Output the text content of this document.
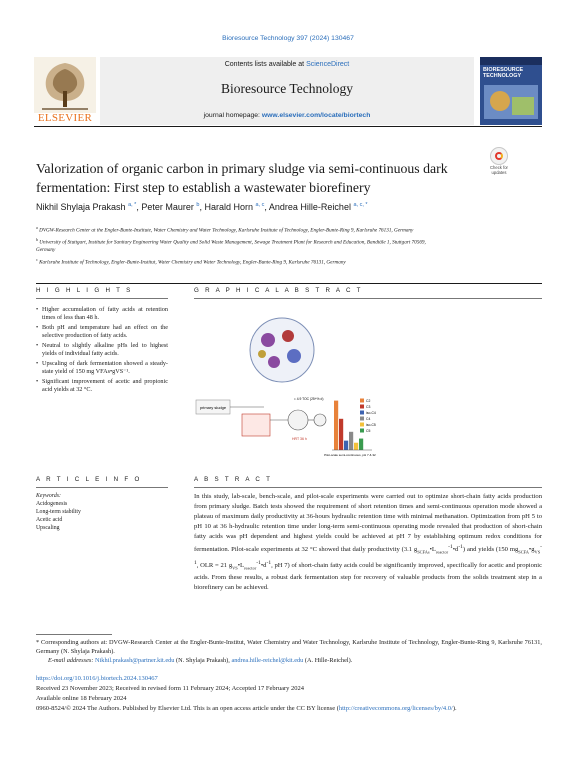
Bioresource Technology 397 (2024) 130467
ELSEVIER
Contents lists available at ScienceDirect
Bioresource Technology
journal homepage: www.elsevier.com/locate/biortech
BIORESOURCE TECHNOLOGY
Valorization of organic carbon in primary sludge via semi-continuous dark fermentation: First step to establish a wastewater biorefinery
Check for updates
Nikhil Shylaja Prakash $^{a, *}$, Peter Maurer $^b$, Harald Horn $^{a, c}$, Andrea Hille-Reichel $^{a, c, *}$
$^a$ DVGW-Research Center at the Engler-Bunte-Institute, Water Chemistry and Water Technology, Karlsruhe Institute of Technology, Engler-Bunte-Ring 9, Karlsruhe 76131, Germany
$^b$ University of Stuttgart, Institute for Sanitary Engineering Water Quality and Solid Waste Management, Sewage Treatment Plant for Research and Education, Bandtäle 1, Stuttgart 70569, Germany
$^c$ Karlsruhe Institute of Technology, Engler-Bunte-Institut, Water Chemistry and Water Technology, Engler-Bunte-Ring 9, Karlsruhe 76131, Germany
H I G H L I G H T S	G R A P H I C A L A B S T R A C T
• Higher accumulation of fatty acids at retention times of less than 48 h.
• Both pH and temperature had an effect on the selective production of fatty acids.
• Neutral to slightly alkaline pHs led to highest yields of individual fatty acids.
• Upscaling of dark fermentation showed a steady-state yield of 150 mg VFAs•gVS⁻¹.
• Significant improvement of acetic and propionic acid yields at 32 °C.
primary sludge
HRT 36 h
≈ 4.9 TOC (25+% d)	C2
C3
iso-C4
C4
iso-C5
C5
Pilot-scale semi-continuous, pH 7 & 32 °C
A R T I C L E I N F O	A B S T R A C T
Keywords:
Acidogenesis
Long-term stability
Acetic acid
Upscaling
In this study, lab-scale, bench-scale, and pilot-scale experiments were carried out to optimize short-chain fatty acids production from primary sludge. Batch tests showed the requirement of short retention times and semi-continuous operation mode showed a plateau of maximum daily productivity at 36-hours hydraulic retention time with minimal methanation. Optimization from pH 5 to pH 10 at 36 h-hydraulic retention time under long-term semi-continuous operating mode revealed that production of short-chain fatty acids was pH dependent and highest yields could be achieved at pH 7 by establishing optimum redox conditions for fermentation. Pilot-scale experiments at 32 °C showed that daily productivity (3.1 $g_{SCFAs}•L_{reactor}^{-1}•d^{-1}$) and yields (150 $mg_{SCFA}•g_{VS}^{-1}$, OLR = 21 $g_{VS}•L_{reactor}^{-1}•d^{-1}$, pH 7) of short-chain fatty acids could be significantly improved, specifically for acetic and propionic acids. From these results, a robust dark fermentation step for recovery of valuable products from the solids treatment step in a biorefinery can be achieved.
* Corresponding authors at: DVGW-Research Center at the Engler-Bunte-Institut, Water Chemistry and Water Technology, Karlsruhe Institute of Technology, Engler-Bunte-Ring 9, Karlsruhe 76131, Germany (N. Shylaja Prakash).
E-mail addresses: Nikhil.prakash@partner.kit.edu (N. Shylaja Prakash), andrea.hille-reichel@kit.edu (A. Hille-Reichel).
https://doi.org/10.1016/j.biortech.2024.130467
Received 23 November 2023; Received in revised form 11 February 2024; Accepted 17 February 2024
Available online 18 February 2024
0960-8524/© 2024 The Authors. Published by Elsevier Ltd. This is an open access article under the CC BY license (http://creativecommons.org/licenses/by/4.0/).
